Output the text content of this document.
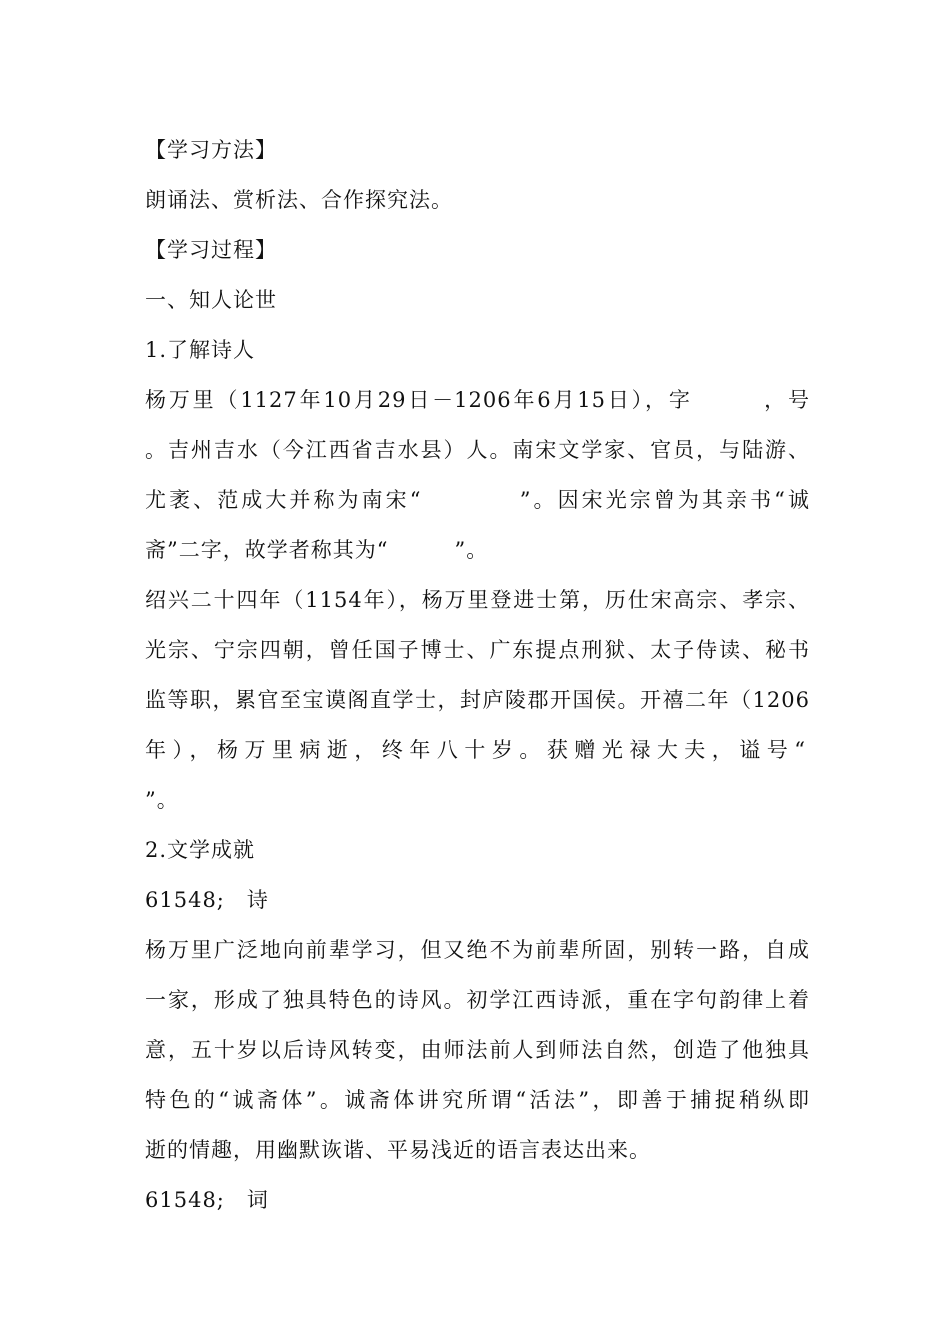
【学习方法】
朗诵法、赏析法、合作探究法。
【学习过程】
一、知人论世
1.了解诗人
杨万里（1127年10月29日－1206年6月15日），字　　　，号
。吉州吉水（今江西省吉水县）人。南宋文学家、官员，与陆游、
尤袤、范成大并称为南宋“　　　　”。因宋光宗曾为其亲书“诚
斋”二字，故学者称其为“　　　”。
绍兴二十四年（1154年），杨万里登进士第，历仕宋高宗、孝宗、
光宗、宁宗四朝，曾任国子博士、广东提点刑狱、太子侍读、秘书
监等职，累官至宝谟阁直学士，封庐陵郡开国侯。开禧二年（1206
年），杨万里病逝，终年八十岁。获赠光禄大夫，谥号“
”。
2.文学成就
61548;　诗
杨万里广泛地向前辈学习，但又绝不为前辈所固，别转一路，自成
一家，形成了独具特色的诗风。初学江西诗派，重在字句韵律上着
意，五十岁以后诗风转变，由师法前人到师法自然，创造了他独具
特色的“诚斋体”。诚斋体讲究所谓“活法”，即善于捕捉稍纵即
逝的情趣，用幽默诙谐、平易浅近的语言表达出来。
61548;　词
